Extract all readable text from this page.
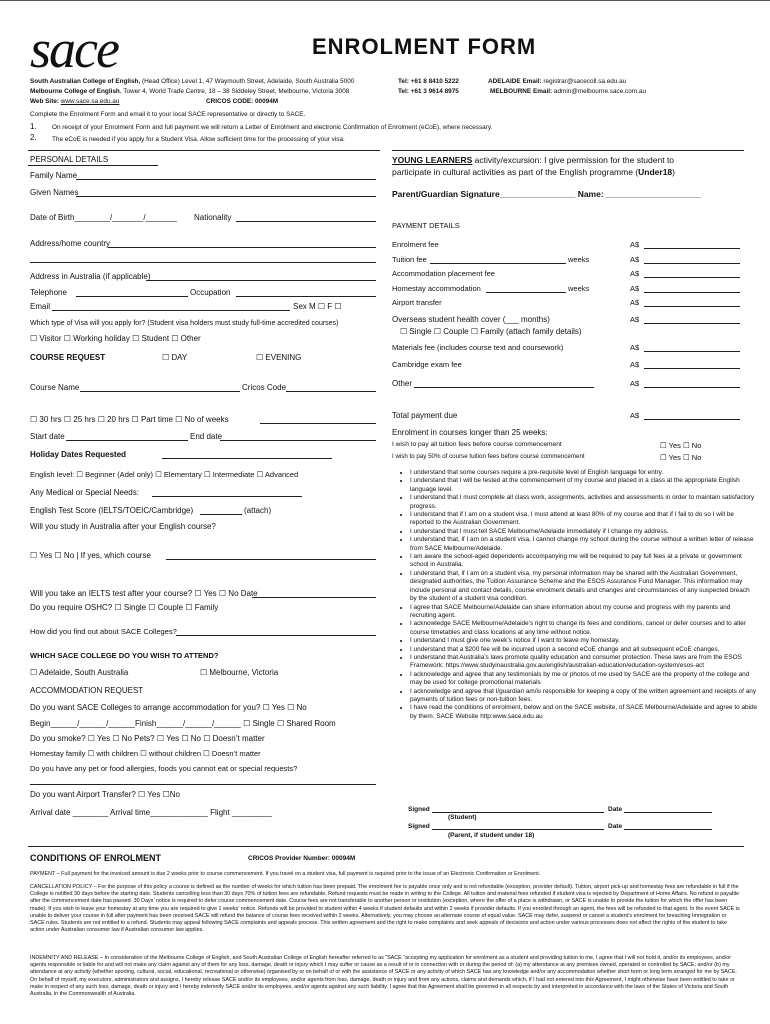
sace	ENROLMENT FORM
South Australian College of English, (Head Office) Level 1, 47 Waymouth Street, Adelaide, South Australia 5000	Tel: +61 8 8410 5222	ADELAIDE Email: registrar@sacecoll.sa.edu.au
Melbourne College of English, Tower 4, World Trade Centre, 18 – 38 Siddeley Street, Melbourne, Victoria 3008	Tel: +61 3 9614 8975	MELBOURNE Email: admin@melbourne.sace.com.au
Web Site: www.sace.sa.edu.au	CRICOS CODE: 00094M
Complete the Enrolment Form and email it to your local SACE representative or directly to SACE.
1. On receipt of your Enrolment Form and full payment we will return a Letter of Enrolment and electronic Confirmation of Enrolment (eCoE), where necessary.
2. The eCoE is needed if you apply for a Student Visa. Allow sufficient time for the processing of your visa.
PERSONAL DETAILS
Family Name
Given Names
Date of Birth________/_______/_______ Nationality
Address/home country
Address in Australia (if applicable)
Telephone	Occupation
Email	Sex M ☐ F ☐
Which type of Visa will you apply for? (Student visa holders must study full-time accredited courses)
☐ Visitor ☐ Working holiday ☐ Student ☐ Other
COURSE REQUEST	☐ DAY	☐ EVENING
Course Name	Cricos Code
☐ 30 hrs ☐ 25 hrs ☐ 20 hrs ☐ Part time ☐ No of weeks
Start date	End date
Holiday Dates Requested
English level: ☐ Beginner (Adel only) ☐ Elementary ☐ Intermediate ☐ Advanced
Any Medical or Special Needs:
English Test Score (IELTS/TOEIC/Cambridge)	(attach)
Will you study in Australia after your English course?
☐ Yes ☐ No | If yes, which course
Will you take an IELTS test after your course? ☐ Yes ☐ No Date
Do you require OSHC? ☐ Single ☐ Couple ☐ Family
How did you find out about SACE Colleges?
WHICH SACE COLLEGE DO YOU WISH TO ATTEND?
☐ Adelaide, South Australia	☐ Melbourne, Victoria
ACCOMMODATION REQUEST
Do you want SACE Colleges to arrange accommodation for you? ☐ Yes ☐ No
Begin______/______/______Finish______/______/______ ☐ Single ☐ Shared Room
Do you smoke? ☐ Yes ☐ No Pets? ☐ Yes ☐ No ☐ Doesn’t matter
Homestay family ☐ with children ☐ without children ☐ Doesn’t matter
Do you have any pet or food allergies, foods you cannot eat or special requests?
Do you want Airport Transfer? ☐ Yes ☐No
Arrival date ________ Arrival time_____________ Flight _________
YOUNG LEARNERS activity/excursion: I give permission for the student to
participate in cultural activities as part of the English programme (Under18)
Parent/Guardian Signature________________ Name: ____________________
PAYMENT DETAILS
Enrolment fee	A$
Tuition fee	weeks	A$
Accommodation placement fee	A$
Homestay accommodation	weeks	A$
Airport transfer	A$
Overseas student health cover (___ months)	A$
☐ Single ☐ Couple ☐ Family (attach family details)
Materials fee (includes course text and coursework)	A$
Cambridge exam fee	A$
Other	A$
Total payment due	A$
Enrolment in courses longer than 25 weeks:
I wish to pay all tuition fees before course commencement	☐ Yes ☐ No
I wish to pay 50% of course tuition fees before course commencement	☐ Yes ☐ No
• I understand that some courses require a pre-requisite level of English language for entry.
• I understand that I will be tested at the commencement of my course and placed in a class at the appropriate English language level.
• I understand that I must complete all class work, assignments, activities and assessments in order to maintain satisfactory progress.
• I understand that if I am on a student visa, I must attend at least 80% of my course and that if I fail to do so I will be reported to the Australian Government.
• I understand that I must tell SACE Melbourne/Adelaide immediately if I change my address.
• I understand that, if I am on a student visa, I cannot change my school during the course without a written letter of release from SACE Melbourne/Adelaide.
• I am aware the school-aged dependents accompanying me will be required to pay full fees at a private or government school in Australia.
• I understand that, if I am on a student visa, my personal information may be shared with the Australian Government, designated authorities, the Tuition Assurance Scheme and the ESOS Assurance Fund Manager. This information may include personal and contact details, course enrolment details and changes and circumstances of any suspected breach by the student of a student visa condition.
• I agree that SACE Melbourne/Adelaide can share information about my course and progress with my parents and recruiting agent.
• I acknowledge SACE Melbourne/Adelaide’s right to change its fees and conditions, cancel or defer courses and to alter course timetables and class locations at any time without notice.
• I understand I must give one week’s notice if I want to leave my homestay.
• I understand that a $200 fee will be incurred upon a second eCoE change and all subsequent eCoE changes.
• I understand that Australia’s laws promote quality education and consumer protection. These laws are from the ESOS Framework: https://www.studyinaustralia.gov.au/english/australian-education/education-system/esos-act
• I acknowledge and agree that any testimonials by me or photos of me used by SACE are the property of the college and may be used for college promotional materials
• I acknowledge and agree that I/guardian am/is responsible for keeping a copy of the written agreement and receipts of any payments of tuition fees or non-tuition fees.
• I have read the conditions of enrolment, below and on the SACE website, of SACE Melbourne/Adelaide and agree to abide by them. SACE Website http:www.sace.edu.au
Signed	Date
(Student)
Signed	Date
(Parent, if student under 18)
CONDITIONS OF ENROLMENT	CRICOS Provider Number: 00094M
PAYMENT – Full payment for the invoiced amount is due 2 weeks prior to course commencement. If you travel on a student visa, full payment is required prior to the issue of an Electronic Confirmation or Enrolment.
CANCELLATION POLICY – For the purpose of this policy a course is defined as the number of weeks for which tuition has been prepaid. The enrolment fee is payable once only and is not refundable (exception, provider default). Tuition, airport pick-up and homestay fees are refundable in full if the College is notified 30 days before the starting date. Students cancelling less than 30 days 70% of tuition fees are refundable. Refund requests must be made in writing to the College. All tuition and material fees refunded if student visa is rejected by Department of Home Affairs. No refund is payable after the commencement date has passed. 30 Days’ notice is required to defer course commencement date. Course fees are not transferable to another person or institution (exception, where the offer of a place is withdrawn, or SACE is unable to provide the tuition for which the offer has been made). If you wish to leave your homestay at any time you are required to give 1 weeks’ notice. Refunds will be provided to student within 4 weeks if student defaults and within 2 weeks if provider defaults. If you enrolled through an agent, the fees will be refunded to that agent. In the event SACE is unable to deliver your course in full after payment has been received SACE will refund the balance of course fees received within 2 weeks. Alternatively, you may choose an alternate course of equal value. SACE may defer, suspend or cancel a student’s enrolment for breaching Immigration or SACE rules. Students are not entitled to a refund. Students may appeal following SACE complaints and appeals process. This written agreement and the right to make complaints and seek appeals of decisions and action under various processes does not affect the rights of the student to take action under Australian consumer law if Australian consumer law applies.
INDEMNITY AND RELEASE – In consideration of the Melbourne College of English, and South Australian College of English hereafter referred to as “SACE “accepting my application for enrolment as a student and providing tuition to me, I agree that I will not hold it, and/or its employees, and/or agents responsible or liable for and will not make any claim against any of them for any loss, damage, death or injury which I may suffer or cause as a result of or in connection with or during the period of: (a) my attendance at any premises owned, operated or controlled by SACE; and/or (b) my attendance at any activity (whether sporting, cultural, social, educational, recreational or otherwise) organised by or on behalf of or with the assistance of SACE or any activity of which SACE has any knowledge and/or any accommodation whether short term or long term arranged for me by SACE. On behalf of myself, my executors, administrators and assigns, I hereby release SACE and/or its employees, and/or agents from loss, damage, death or injury and from any actions, claims and demands which, if I had not entered into this Agreement, I might otherwise have been entitled to take or make in respect of any such loss, damage, death or injury and I hereby indemnify SACE and/or its employees, and/or agents against any such liability. I agree that this Agreement shall be governed in all respects by and interpreted in accordance with the laws of the States of Victoria and South Australia, in the Commonwealth of Australia.
